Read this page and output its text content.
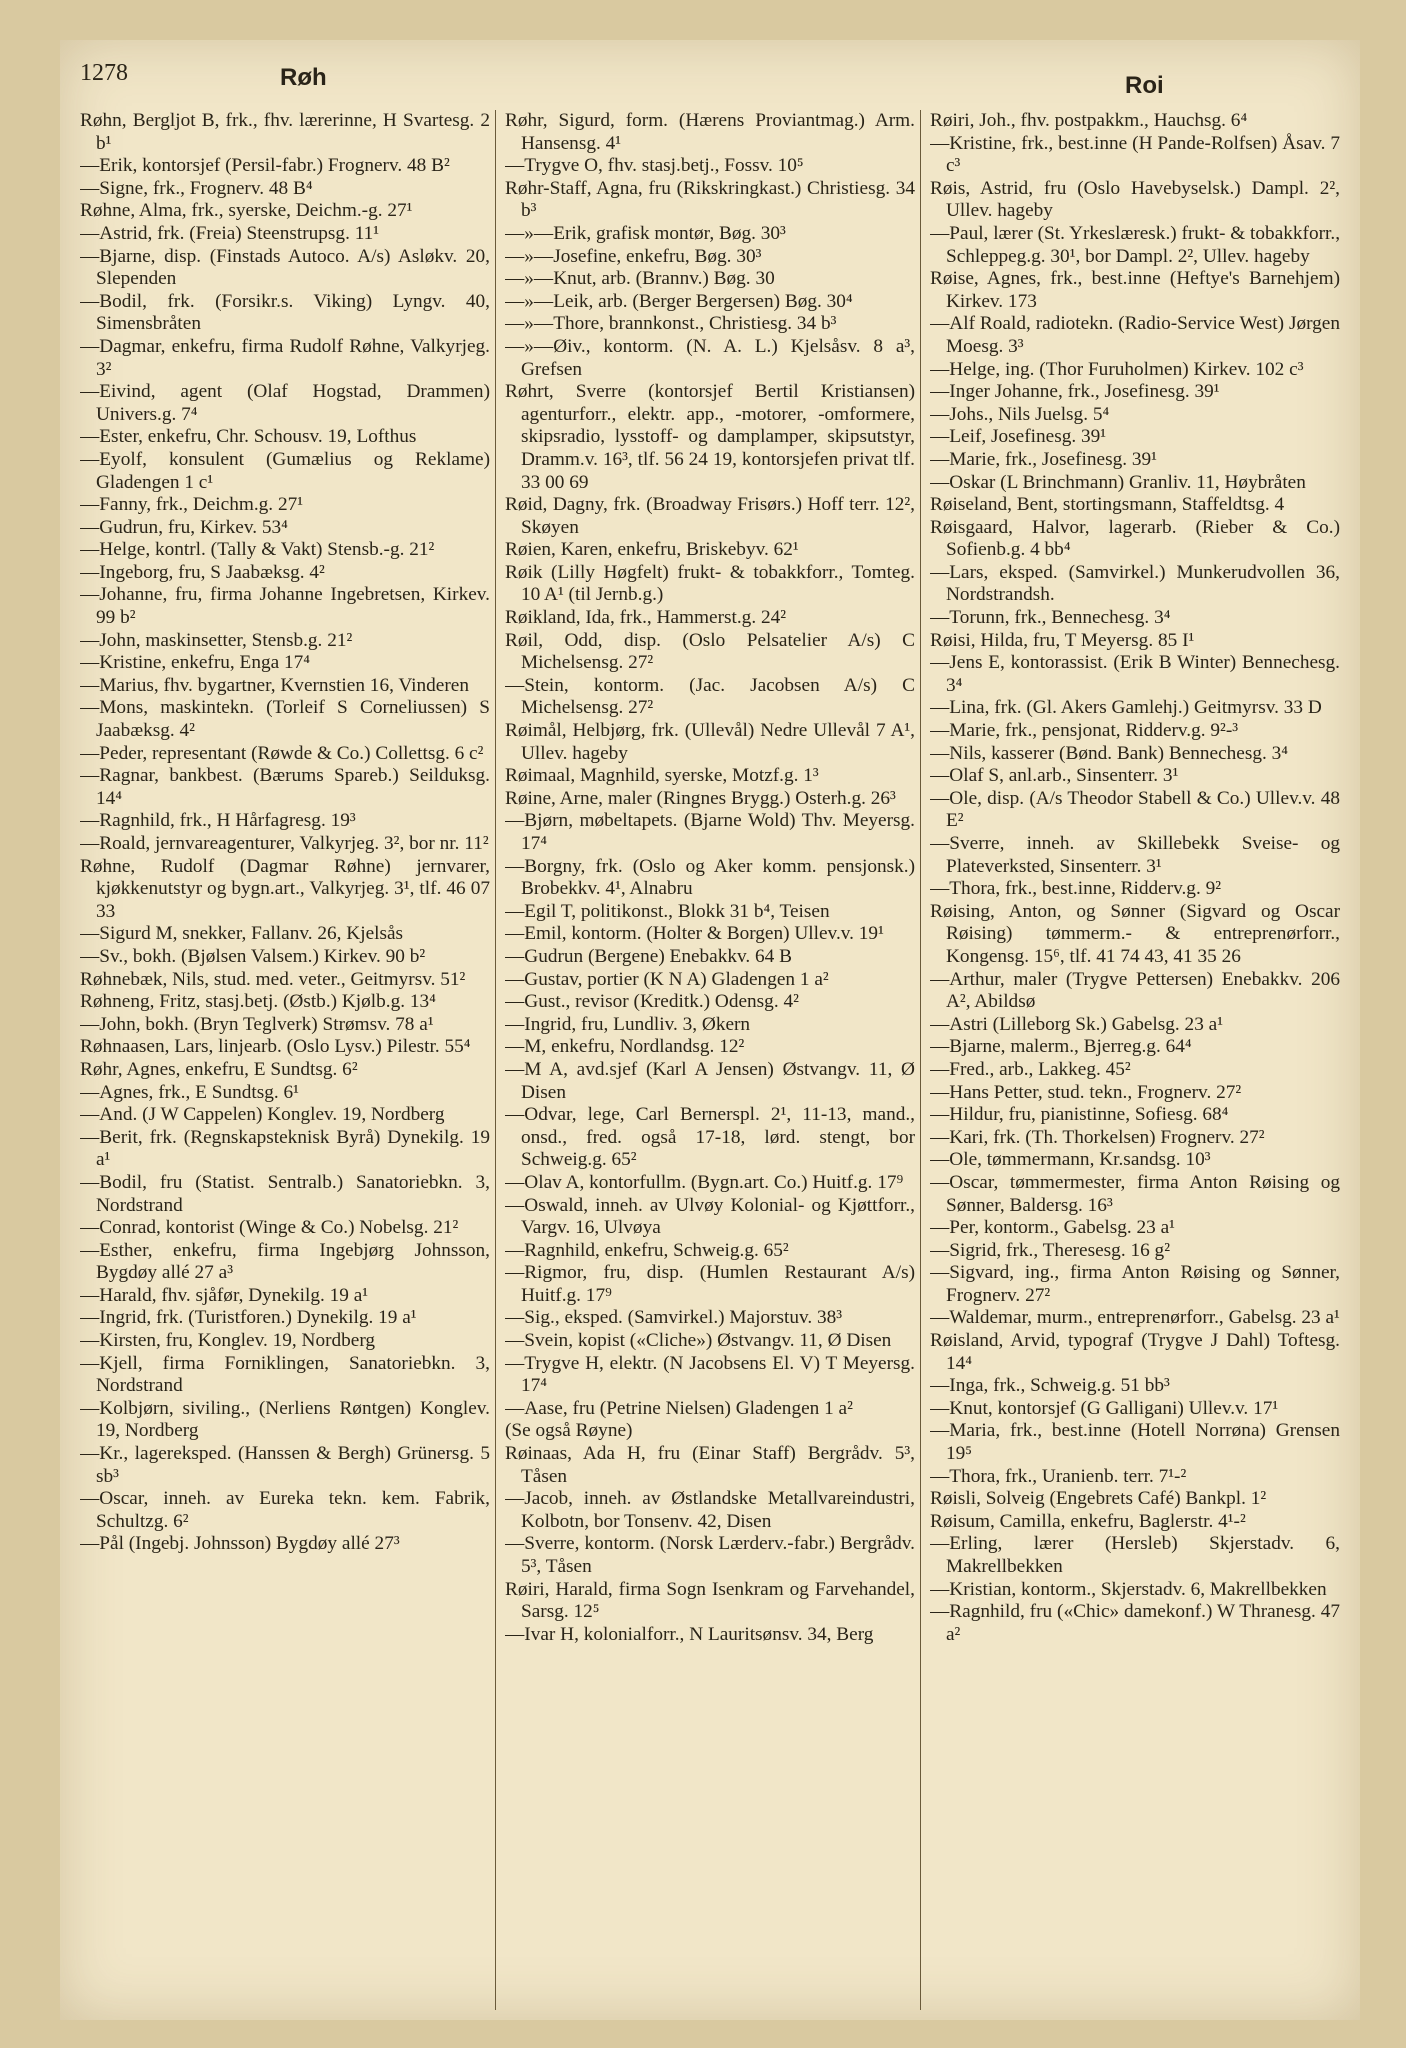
1278	Røh	Roi

Røhn, Bergljot B, frk., fhv. lærerinne, H Svartesg. 2 b¹

—Erik, kontorsjef (Persil-fabr.) Frognerv. 48 B²

—Signe, frk., Frognerv. 48 B⁴

Røhne, Alma, frk., syerske, Deichm.-g. 27¹

—Astrid, frk. (Freia) Steenstrupsg. 11¹

—Bjarne, disp. (Finstads Autoco. A/s) Asløkv. 20, Slependen

—Bodil, frk. (Forsikr.s. Viking) Lyngv. 40, Simensbråten

—Dagmar, enkefru, firma Rudolf Røhne, Valkyrjeg. 3²

—Eivind, agent (Olaf Hogstad, Drammen) Univers.g. 7⁴

—Ester, enkefru, Chr. Schousv. 19, Lofthus

—Eyolf, konsulent (Gumælius og Reklame) Gladengen 1 c¹

—Fanny, frk., Deichm.g. 27¹

—Gudrun, fru, Kirkev. 53⁴

—Helge, kontrl. (Tally & Vakt) Stensb.-g. 21²

—Ingeborg, fru, S Jaabæksg. 4²

—Johanne, fru, firma Johanne Ingebretsen, Kirkev. 99 b²

—John, maskinsetter, Stensb.g. 21²

—Kristine, enkefru, Enga 17⁴

—Marius, fhv. bygartner, Kvernstien 16, Vinderen

—Mons, maskintekn. (Torleif S Corneliussen) S Jaabæksg. 4²

—Peder, representant (Røwde & Co.) Collettsg. 6 c²

—Ragnar, bankbest. (Bærums Spareb.) Seilduksg. 14⁴

—Ragnhild, frk., H Hårfagresg. 19³

—Roald, jernvareagenturer, Valkyrjeg. 3², bor nr. 11²

Røhne, Rudolf (Dagmar Røhne) jernvarer, kjøkkenutstyr og bygn.art., Valkyrjeg. 3¹, tlf. 46 07 33

—Sigurd M, snekker, Fallanv. 26, Kjelsås

—Sv., bokh. (Bjølsen Valsem.) Kirkev. 90 b²

Røhnebæk, Nils, stud. med. veter., Geitmyrsv. 51²

Røhneng, Fritz, stasj.betj. (Østb.) Kjølb.g. 13⁴

—John, bokh. (Bryn Teglverk) Strømsv. 78 a¹

Røhnaasen, Lars, linjearb. (Oslo Lysv.) Pilestr. 55⁴

Røhr, Agnes, enkefru, E Sundtsg. 6²

—Agnes, frk., E Sundtsg. 6¹

—And. (J W Cappelen) Konglev. 19, Nordberg

—Berit, frk. (Regnskapsteknisk Byrå) Dynekilg. 19 a¹

—Bodil, fru (Statist. Sentralb.) Sanatoriebkn. 3, Nordstrand

—Conrad, kontorist (Winge & Co.) Nobelsg. 21²

—Esther, enkefru, firma Ingebjørg Johnsson, Bygdøy allé 27 a³

—Harald, fhv. sjåfør, Dynekilg. 19 a¹

—Ingrid, frk. (Turistforen.) Dynekilg. 19 a¹

—Kirsten, fru, Konglev. 19, Nordberg

—Kjell, firma Forniklingen, Sanatoriebkn. 3, Nordstrand

—Kolbjørn, siviling., (Nerliens Røntgen) Konglev. 19, Nordberg

—Kr., lagereksped. (Hanssen & Bergh) Grünersg. 5 sb³

—Oscar, inneh. av Eureka tekn. kem. Fabrik, Schultzg. 6²

—Pål (Ingebj. Johnsson) Bygdøy allé 27³

Røhr, Sigurd, form. (Hærens Proviantmag.) Arm. Hansensg. 4¹

—Trygve O, fhv. stasj.betj., Fossv. 10⁵

Røhr-Staff, Agna, fru (Rikskringkast.) Christiesg. 34 b³

—»—Erik, grafisk montør, Bøg. 30³

—»—Josefine, enkefru, Bøg. 30³

—»—Knut, arb. (Brannv.) Bøg. 30

—»—Leik, arb. (Berger Bergersen) Bøg. 30⁴

—»—Thore, brannkonst., Christiesg. 34 b³

—»—Øiv., kontorm. (N. A. L.) Kjelsåsv. 8 a³, Grefsen

Røhrt, Sverre (kontorsjef Bertil Kristiansen) agenturforr., elektr. app., -motorer, -omformere, skipsradio, lysstoff- og damplamper, skipsutstyr, Dramm.v. 16³, tlf. 56 24 19, kontorsjefen privat tlf. 33 00 69

Røid, Dagny, frk. (Broadway Frisørs.) Hoff terr. 12², Skøyen

Røien, Karen, enkefru, Briskebyv. 62¹

Røik (Lilly Høgfelt) frukt- & tobakkforr., Tomteg. 10 A¹ (til Jernb.g.)

Røikland, Ida, frk., Hammerst.g. 24²

Røil, Odd, disp. (Oslo Pelsatelier A/s) C Michelsensg. 27²

—Stein, kontorm. (Jac. Jacobsen A/s) C Michelsensg. 27²

Røimål, Helbjørg, frk. (Ullevål) Nedre Ullevål 7 A¹, Ullev. hageby

Røimaal, Magnhild, syerske, Motzf.g. 1³

Røine, Arne, maler (Ringnes Brygg.) Osterh.g. 26³

—Bjørn, møbeltapets. (Bjarne Wold) Thv. Meyersg. 17⁴

—Borgny, frk. (Oslo og Aker komm. pensjonsk.) Brobekkv. 4¹, Alnabru

—Egil T, politikonst., Blokk 31 b⁴, Teisen

—Emil, kontorm. (Holter & Borgen) Ullev.v. 19¹

—Gudrun (Bergene) Enebakkv. 64 B

—Gustav, portier (K N A) Gladengen 1 a²

—Gust., revisor (Kreditk.) Odensg. 4²

—Ingrid, fru, Lundliv. 3, Økern

—M, enkefru, Nordlandsg. 12²

—M A, avd.sjef (Karl A Jensen) Østvangv. 11, Ø Disen

—Odvar, lege, Carl Bernerspl. 2¹, 11-13, mand., onsd., fred. også 17-18, lørd. stengt, bor Schweig.g. 65²

—Olav A, kontorfullm. (Bygn.art. Co.) Huitf.g. 17⁹

—Oswald, inneh. av Ulvøy Kolonial- og Kjøttforr., Vargv. 16, Ulvøya

—Ragnhild, enkefru, Schweig.g. 65²

—Rigmor, fru, disp. (Humlen Restaurant A/s) Huitf.g. 17⁹

—Sig., eksped. (Samvirkel.) Majorstuv. 38³

—Svein, kopist («Cliche») Østvangv. 11, Ø Disen

—Trygve H, elektr. (N Jacobsens El. V) T Meyersg. 17⁴

—Aase, fru (Petrine Nielsen) Gladengen 1 a²

(Se også Røyne)

Røinaas, Ada H, fru (Einar Staff) Bergrådv. 5³, Tåsen

—Jacob, inneh. av Østlandske Metallvareindustri, Kolbotn, bor Tonsenv. 42, Disen

—Sverre, kontorm. (Norsk Lærderv.-fabr.) Bergrådv. 5³, Tåsen

Røiri, Harald, firma Sogn Isenkram og Farvehandel, Sarsg. 12⁵

—Ivar H, kolonialforr., N Lauritsønsv. 34, Berg

Røiri, Joh., fhv. postpakkm., Hauchsg. 6⁴

—Kristine, frk., best.inne (H Pande-Rolfsen) Åsav. 7 c³

Røis, Astrid, fru (Oslo Havebyselsk.) Dampl. 2², Ullev. hageby

—Paul, lærer (St. Yrkeslæresk.) frukt- & tobakkforr., Schleppeg.g. 30¹, bor Dampl. 2², Ullev. hageby

Røise, Agnes, frk., best.inne (Heftye's Barnehjem) Kirkev. 173

—Alf Roald, radiotekn. (Radio-Service West) Jørgen Moesg. 3³

—Helge, ing. (Thor Furuholmen) Kirkev. 102 c³

—Inger Johanne, frk., Josefinesg. 39¹

—Johs., Nils Juelsg. 5⁴

—Leif, Josefinesg. 39¹

—Marie, frk., Josefinesg. 39¹

—Oskar (L Brinchmann) Granliv. 11, Høybråten

Røiseland, Bent, stortingsmann, Staffeldtsg. 4

Røisgaard, Halvor, lagerarb. (Rieber & Co.) Sofienb.g. 4 bb⁴

—Lars, eksped. (Samvirkel.) Munkerudvollen 36, Nordstrandsh.

—Torunn, frk., Bennechesg. 3⁴

Røisi, Hilda, fru, T Meyersg. 85 I¹

—Jens E, kontorassist. (Erik B Winter) Bennechesg. 3⁴

—Lina, frk. (Gl. Akers Gamlehj.) Geitmyrsv. 33 D

—Marie, frk., pensjonat, Ridderv.g. 9²-³

—Nils, kasserer (Bønd. Bank) Bennechesg. 3⁴

—Olaf S, anl.arb., Sinsenterr. 3¹

—Ole, disp. (A/s Theodor Stabell & Co.) Ullev.v. 48 E²

—Sverre, inneh. av Skillebekk Sveise- og Plateverksted, Sinsenterr. 3¹

—Thora, frk., best.inne, Ridderv.g. 9²

Røising, Anton, og Sønner (Sigvard og Oscar Røising) tømmerm.- & entreprenørforr., Kongensg. 15⁶, tlf. 41 74 43, 41 35 26

—Arthur, maler (Trygve Pettersen) Enebakkv. 206 A², Abildsø

—Astri (Lilleborg Sk.) Gabelsg. 23 a¹

—Bjarne, malerm., Bjerreg.g. 64⁴

—Fred., arb., Lakkeg. 45²

—Hans Petter, stud. tekn., Frognerv. 27²

—Hildur, fru, pianistinne, Sofiesg. 68⁴

—Kari, frk. (Th. Thorkelsen) Frognerv. 27²

—Ole, tømmermann, Kr.sandsg. 10³

—Oscar, tømmermester, firma Anton Røising og Sønner, Baldersg. 16³

—Per, kontorm., Gabelsg. 23 a¹

—Sigrid, frk., Theresesg. 16 g²

—Sigvard, ing., firma Anton Røising og Sønner, Frognerv. 27²

—Waldemar, murm., entreprenørforr., Gabelsg. 23 a¹

Røisland, Arvid, typograf (Trygve J Dahl) Toftesg. 14⁴

—Inga, frk., Schweig.g. 51 bb³

—Knut, kontorsjef (G Galligani) Ullev.v. 17¹

—Maria, frk., best.inne (Hotell Norrøna) Grensen 19⁵

—Thora, frk., Uranienb. terr. 7¹-²

Røisli, Solveig (Engebrets Café) Bankpl. 1²

Røisum, Camilla, enkefru, Baglerstr. 4¹-²

—Erling, lærer (Hersleb) Skjerstadv. 6, Makrellbekken

—Kristian, kontorm., Skjerstadv. 6, Makrellbekken

—Ragnhild, fru («Chic» damekonf.) W Thranesg. 47 a²
